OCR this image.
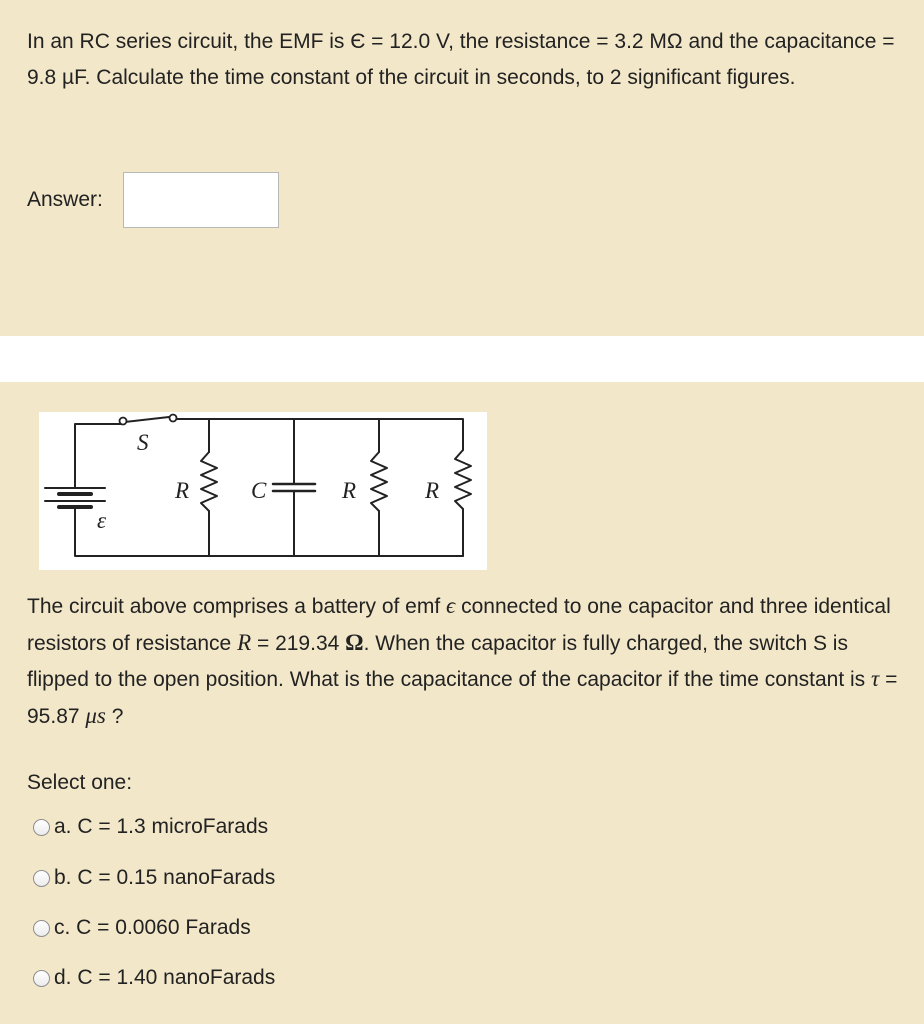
In an RC series circuit, the EMF is Є = 12.0 V, the resistance = 3.2 MΩ and the capacitance = 9.8 µF. Calculate the time constant of the circuit in seconds, to 2 significant figures.

Answer:
S
ε
R	C	R	R

The circuit above comprises a battery of emf ϵ connected to one capacitor and three identical resistors of resistance R = 219.34 Ω. When the capacitor is fully charged, the switch S is flipped to the open position. What is the capacitance of the capacitor if the time constant is τ = 95.87 μs ?

Select one:
a. C = 1.3 microFarads
b. C = 0.15 nanoFarads
c. C = 0.0060 Farads
d. C = 1.40 nanoFarads
